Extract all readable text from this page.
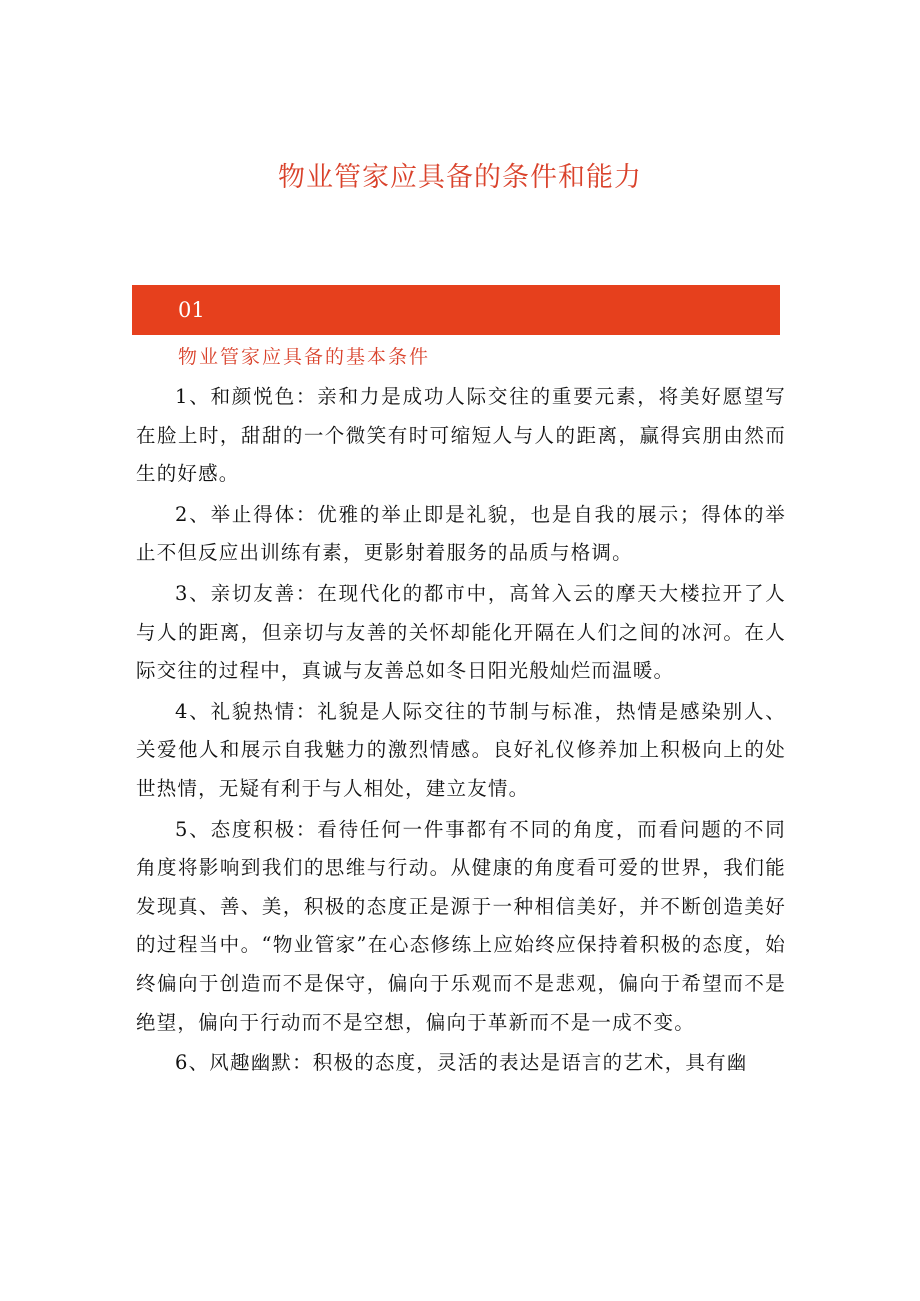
物业管家应具备的条件和能力
01
物业管家应具备的基本条件

1、和颜悦色：亲和力是成功人际交往的重要元素，将美好愿望写在脸上时，甜甜的一个微笑有时可缩短人与人的距离，赢得宾朋由然而生的好感。

2、举止得体：优雅的举止即是礼貌，也是自我的展示；得体的举止不但反应出训练有素，更影射着服务的品质与格调。

3、亲切友善：在现代化的都市中，高耸入云的摩天大楼拉开了人与人的距离，但亲切与友善的关怀却能化开隔在人们之间的冰河。在人际交往的过程中，真诚与友善总如冬日阳光般灿烂而温暖。

4、礼貌热情：礼貌是人际交往的节制与标准，热情是感染别人、关爱他人和展示自我魅力的激烈情感。良好礼仪修养加上积极向上的处世热情，无疑有利于与人相处，建立友情。

5、态度积极：看待任何一件事都有不同的角度，而看问题的不同角度将影响到我们的思维与行动。从健康的角度看可爱的世界，我们能发现真、善、美，积极的态度正是源于一种相信美好，并不断创造美好的过程当中。“物业管家”在心态修练上应始终应保持着积极的态度，始终偏向于创造而不是保守，偏向于乐观而不是悲观，偏向于希望而不是绝望，偏向于行动而不是空想，偏向于革新而不是一成不变。

6、风趣幽默：积极的态度，灵活的表达是语言的艺术，具有幽
